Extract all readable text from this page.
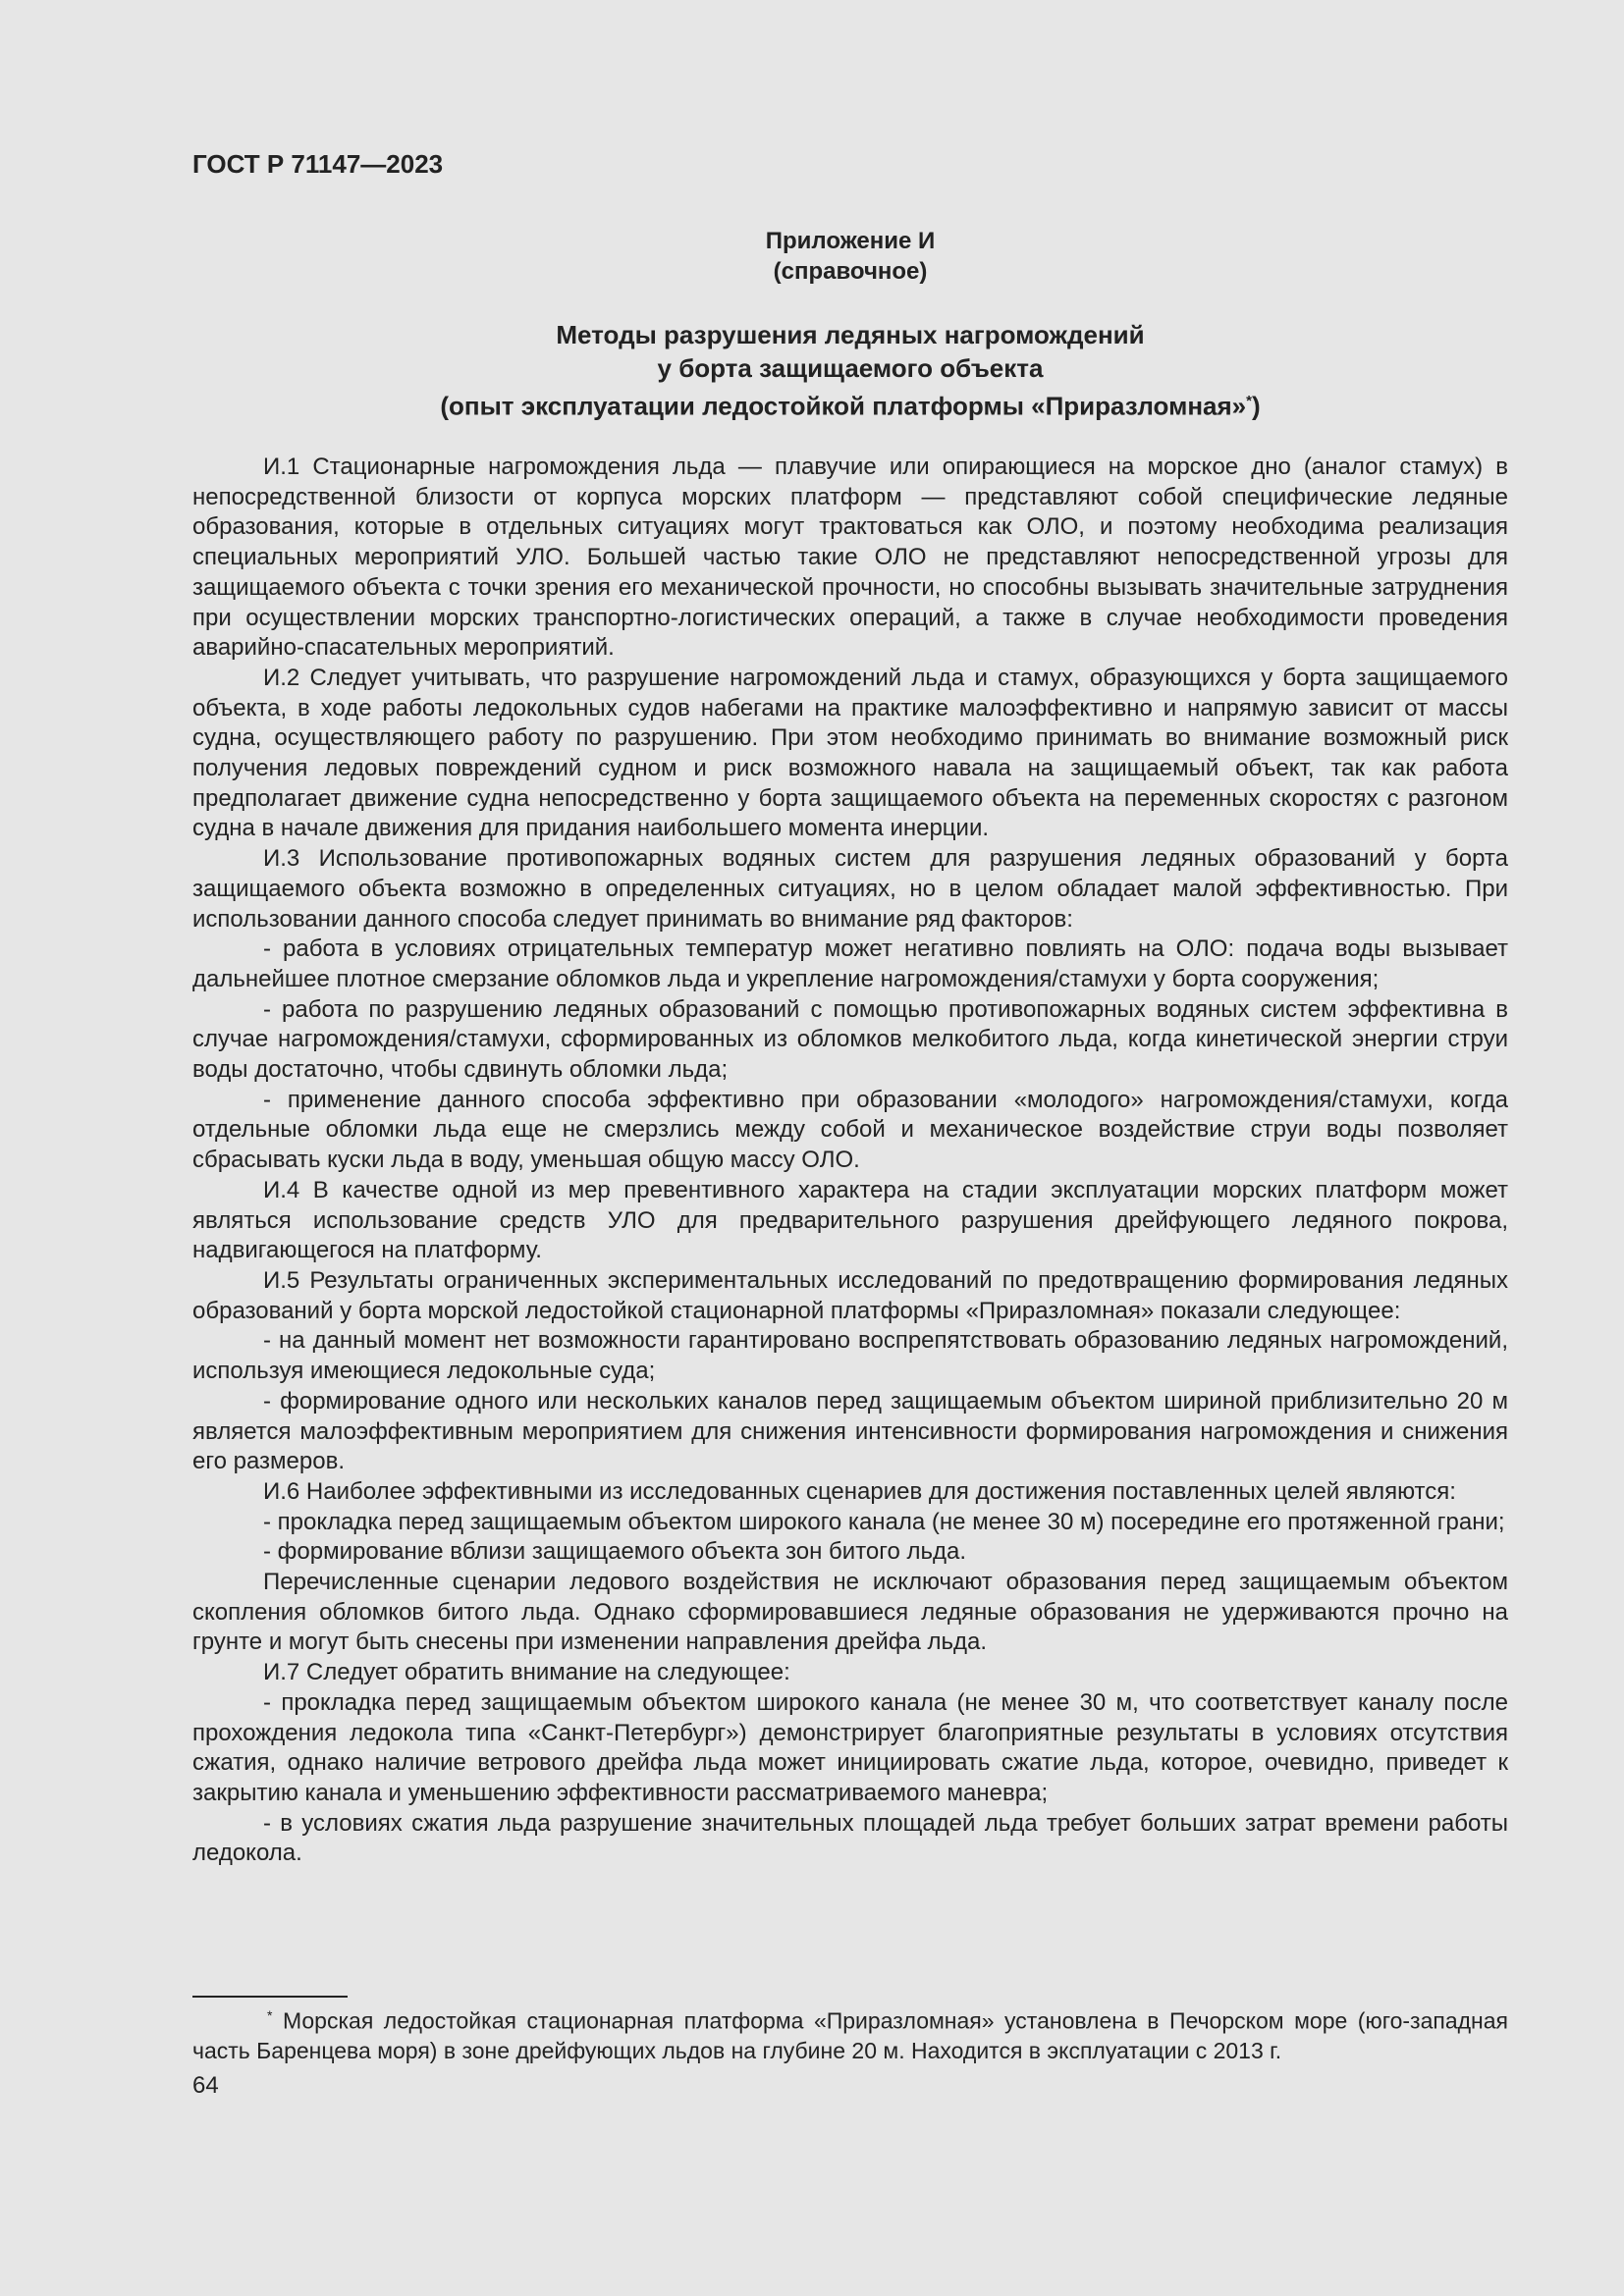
ГОСТ Р 71147—2023
Приложение И
(справочное)
Методы разрушения ледяных нагромождений
у борта защищаемого объекта
(опыт эксплуатации ледостойкой платформы «Приразломная»*)

И.1 Стационарные нагромождения льда — плавучие или опирающиеся на морское дно (аналог стамух) в непосредственной близости от корпуса морских платформ — представляют собой специфические ледяные образования, которые в отдельных ситуациях могут трактоваться как ОЛО, и поэтому необходима реализация специальных мероприятий УЛО. Большей частью такие ОЛО не представляют непосредственной угрозы для защищаемого объекта с точки зрения его механической прочности, но способны вызывать значительные затруднения при осуществлении морских транспортно-логистических операций, а также в случае необходимости проведения аварийно-спасательных мероприятий.

И.2 Следует учитывать, что разрушение нагромождений льда и стамух, образующихся у борта защищаемого объекта, в ходе работы ледокольных судов набегами на практике малоэффективно и напрямую зависит от массы судна, осуществляющего работу по разрушению. При этом необходимо принимать во внимание возможный риск получения ледовых повреждений судном и риск возможного навала на защищаемый объект, так как работа предполагает движение судна непосредственно у борта защищаемого объекта на переменных скоростях с разгоном судна в начале движения для придания наибольшего момента инерции.

И.3 Использование противопожарных водяных систем для разрушения ледяных образований у борта защищаемого объекта возможно в определенных ситуациях, но в целом обладает малой эффективностью. При использовании данного способа следует принимать во внимание ряд факторов:

- работа в условиях отрицательных температур может негативно повлиять на ОЛО: подача воды вызывает дальнейшее плотное смерзание обломков льда и укрепление нагромождения/стамухи у борта сооружения;

- работа по разрушению ледяных образований с помощью противопожарных водяных систем эффективна в случае нагромождения/стамухи, сформированных из обломков мелкобитого льда, когда кинетической энергии струи воды достаточно, чтобы сдвинуть обломки льда;

- применение данного способа эффективно при образовании «молодого» нагромождения/стамухи, когда отдельные обломки льда еще не смерзлись между собой и механическое воздействие струи воды позволяет сбрасывать куски льда в воду, уменьшая общую массу ОЛО.

И.4 В качестве одной из мер превентивного характера на стадии эксплуатации морских платформ может являться использование средств УЛО для предварительного разрушения дрейфующего ледяного покрова, надвигающегося на платформу.

И.5 Результаты ограниченных экспериментальных исследований по предотвращению формирования ледяных образований у борта морской ледостойкой стационарной платформы «Приразломная» показали следующее:

- на данный момент нет возможности гарантировано воспрепятствовать образованию ледяных нагромождений, используя имеющиеся ледокольные суда;

- формирование одного или нескольких каналов перед защищаемым объектом шириной приблизительно 20 м является малоэффективным мероприятием для снижения интенсивности формирования нагромождения и снижения его размеров.

И.6 Наиболее эффективными из исследованных сценариев для достижения поставленных целей являются:

- прокладка перед защищаемым объектом широкого канала (не менее 30 м) посередине его протяженной грани;

- формирование вблизи защищаемого объекта зон битого льда.

Перечисленные сценарии ледового воздействия не исключают образования перед защищаемым объектом скопления обломков битого льда. Однако сформировавшиеся ледяные образования не удерживаются прочно на грунте и могут быть снесены при изменении направления дрейфа льда.

И.7 Следует обратить внимание на следующее:

- прокладка перед защищаемым объектом широкого канала (не менее 30 м, что соответствует каналу после прохождения ледокола типа «Санкт-Петербург») демонстрирует благоприятные результаты в условиях отсутствия сжатия, однако наличие ветрового дрейфа льда может инициировать сжатие льда, которое, очевидно, приведет к закрытию канала и уменьшению эффективности рассматриваемого маневра;

- в условиях сжатия льда разрушение значительных площадей льда требует больших затрат времени работы ледокола.

* Морская ледостойкая стационарная платформа «Приразломная» установлена в Печорском море (юго-западная часть Баренцева моря) в зоне дрейфующих льдов на глубине 20 м. Находится в эксплуатации с 2013 г.
64
